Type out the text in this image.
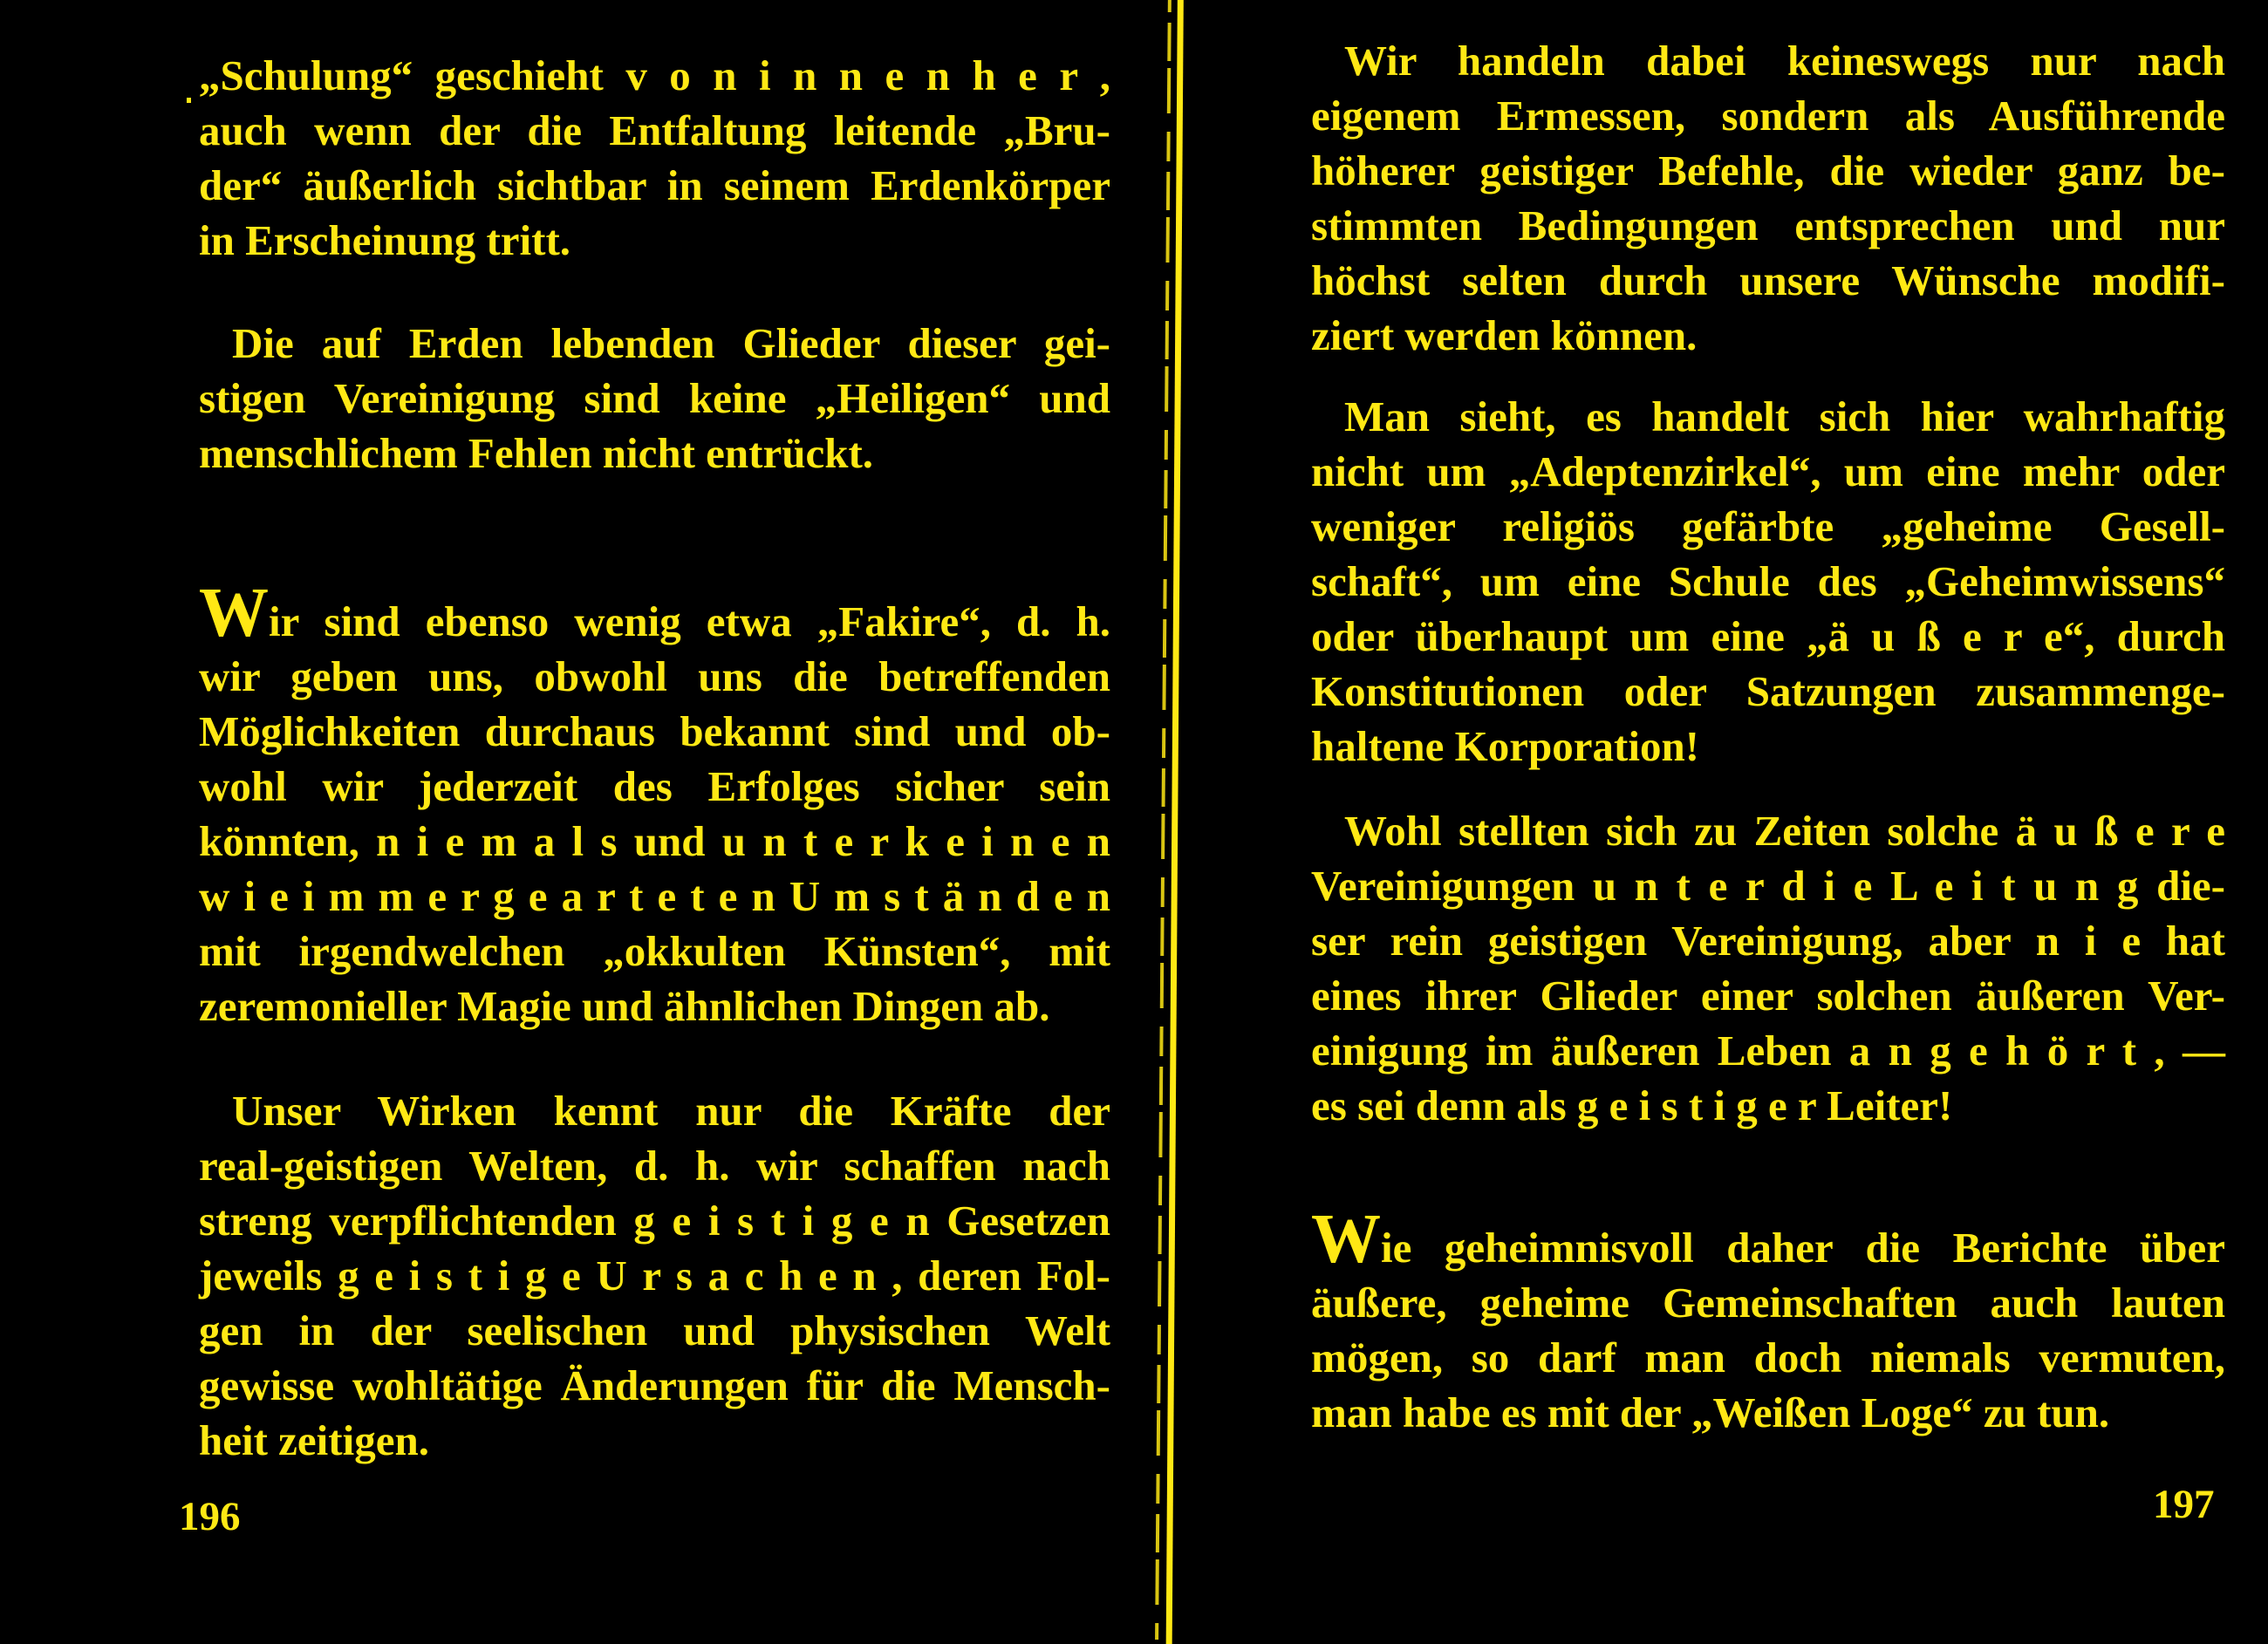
„Schulung“ geschieht v o n i n n e n h e r ,
auch wenn der die Entfaltung leitende „Bru-
der“ äußerlich sichtbar in seinem Erdenkörper
in Erscheinung tritt.
Die auf Erden lebenden Glieder dieser gei-
stigen Vereinigung sind keine „Heiligen“ und
menschlichem Fehlen nicht entrückt.
Wir sind ebenso wenig etwa „Fakire“, d. h.
wir geben uns, obwohl uns die betreffenden
Möglichkeiten durchaus bekannt sind und ob-
wohl wir jederzeit des Erfolges sicher sein
könnten, n i e m a l s und u n t e r k e i n e n
w i e i m m e r g e a r t e t e n U m s t ä n d e n
mit irgendwelchen „okkulten Künsten“, mit
zeremonieller Magie und ähnlichen Dingen ab.
Unser Wirken kennt nur die Kräfte der
real-geistigen Welten, d. h. wir schaffen nach
streng verpflichtenden g e i s t i g e n Gesetzen
jeweils g e i s t i g e U r s a c h e n , deren Fol-
gen in der seelischen und physischen Welt
gewisse wohltätige Änderungen für die Mensch-
heit zeitigen.
Wir handeln dabei keineswegs nur nach
eigenem Ermessen, sondern als Ausführende
höherer geistiger Befehle, die wieder ganz be-
stimmten Bedingungen entsprechen und nur
höchst selten durch unsere Wünsche modifi-
ziert werden können.
Man sieht, es handelt sich hier wahrhaftig
nicht um „Adeptenzirkel“, um eine mehr oder
weniger religiös gefärbte „geheime Gesell-
schaft“, um eine Schule des „Geheimwissens“
oder überhaupt um eine „ä u ß e r e“, durch
Konstitutionen oder Satzungen zusammenge-
haltene Korporation!
Wohl stellten sich zu Zeiten solche ä u ß e r e
Vereinigungen u n t e r d i e L e i t u n g die-
ser rein geistigen Vereinigung, aber n i e hat
eines ihrer Glieder einer solchen äußeren Ver-
einigung im äußeren Leben a n g e h ö r t , —
es sei denn als g e i s t i g e r Leiter!
Wie geheimnisvoll daher die Berichte über
äußere, geheime Gemeinschaften auch lauten
mögen, so darf man doch niemals vermuten,
man habe es mit der „Weißen Loge“ zu tun.
196	197
